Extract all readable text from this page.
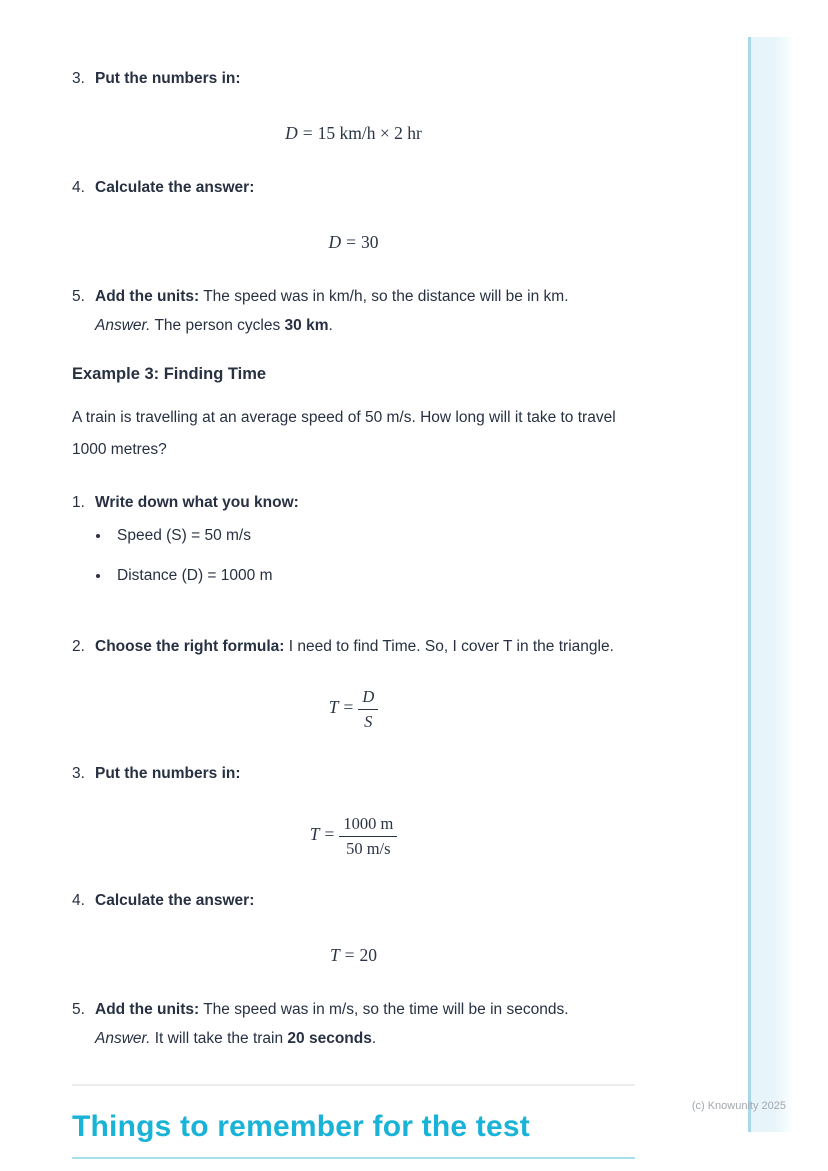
3. Put the numbers in:
D = 15 km/h × 2 hr
4. Calculate the answer:
D = 30
5. Add the units: The speed was in km/h, so the distance will be in km.
Answer. The person cycles 30 km.
Example 3: Finding Time

A train is travelling at an average speed of 50 m/s. How long will it take to travel 1000 metres?

1. Write down what you know:
• Speed (S) = 50 m/s
• Distance (D) = 1000 m
2. Choose the right formula: I need to find Time. So, I cover T in the triangle.
$T = \frac{D}{S}$
3. Put the numbers in:
$T = \frac{1000 m}{50 m/s}$
4. Calculate the answer:
T = 20
5. Add the units: The speed was in m/s, so the time will be in seconds.
Answer. It will take the train 20 seconds.
Things to remember for the test
(c) Knowunity 2025
